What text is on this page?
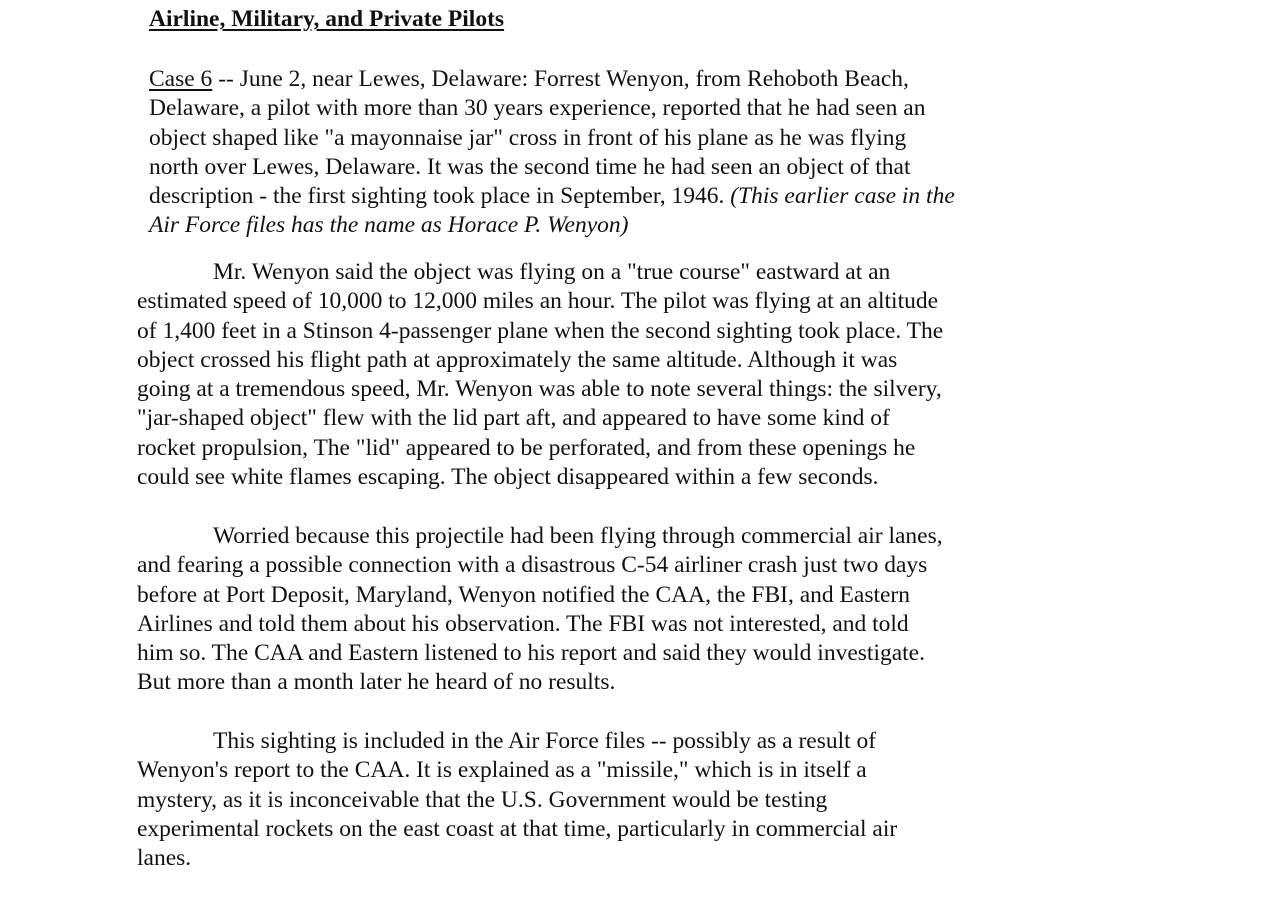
Airline, Military, and Private Pilots
Case 6 -- June 2, near Lewes, Delaware: Forrest Wenyon, from Rehoboth Beach,
Delaware, a pilot with more than 30 years experience, reported that he had seen an
object shaped like "a mayonnaise jar" cross in front of his plane as he was flying
north over Lewes, Delaware. It was the second time he had seen an object of that
description - the first sighting took place in September, 1946. (This earlier case in the
Air Force files has the name as Horace P. Wenyon)
Mr. Wenyon said the object was flying on a "true course" eastward at an
estimated speed of 10,000 to 12,000 miles an hour. The pilot was flying at an altitude
of 1,400 feet in a Stinson 4-passenger plane when the second sighting took place. The
object crossed his flight path at approximately the same altitude. Although it was
going at a tremendous speed, Mr. Wenyon was able to note several things: the silvery,
"jar-shaped object" flew with the lid part aft, and appeared to have some kind of
rocket propulsion, The "lid" appeared to be perforated, and from these openings he
could see white flames escaping. The object disappeared within a few seconds.
Worried because this projectile had been flying through commercial air lanes,
and fearing a possible connection with a disastrous C-54 airliner crash just two days
before at Port Deposit, Maryland, Wenyon notified the CAA, the FBI, and Eastern
Airlines and told them about his observation. The FBI was not interested, and told
him so. The CAA and Eastern listened to his report and said they would investigate.
But more than a month later he heard of no results.
This sighting is included in the Air Force files -- possibly as a result of
Wenyon's report to the CAA. It is explained as a "missile," which is in itself a
mystery, as it is inconceivable that the U.S. Government would be testing
experimental rockets on the east coast at that time, particularly in commercial air
lanes.
